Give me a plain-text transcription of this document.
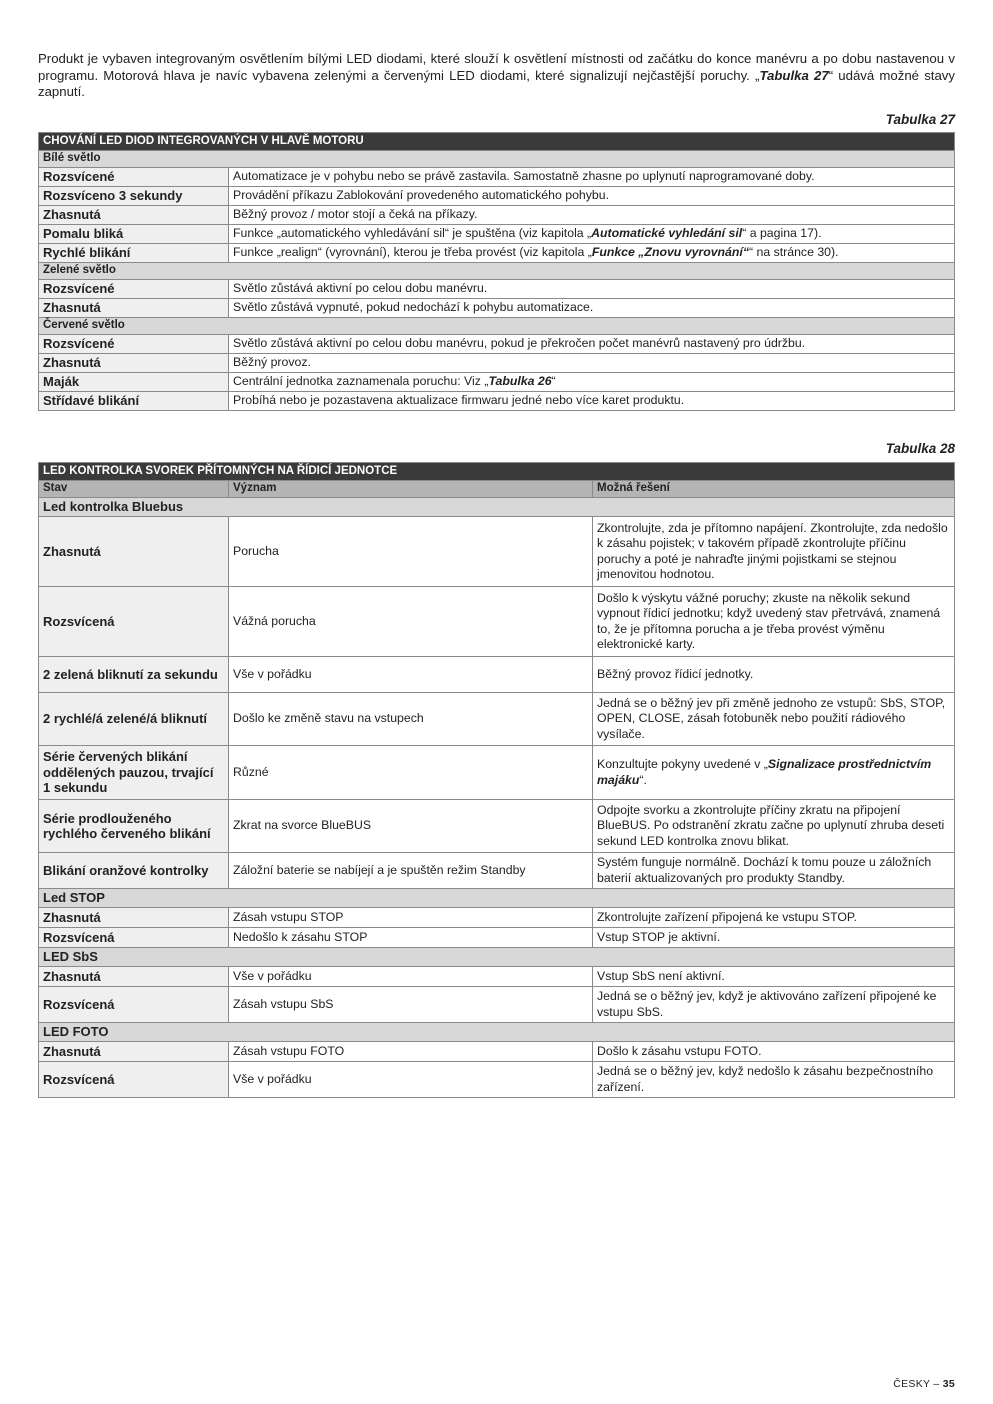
Produkt je vybaven integrovaným osvětlením bílými LED diodami, které slouží k osvětlení místnosti od začátku do konce manévru a po dobu nastavenou v programu. Motorová hlava je navíc vybavena zelenými a červenými LED diodami, které signalizují nejčastější poruchy. „Tabulka 27“ udává možné stavy zapnutí.

Tabulka 27
CHOVÁNÍ LED DIOD INTEGROVANÝCH V HLAVĚ MOTORU	
Bílé světlo	
Rozsvícené	Automatizace je v pohybu nebo se právě zastavila. Samostatně zhasne po uplynutí naprogramované doby.
Rozsvíceno 3 sekundy	Provádění příkazu Zablokování provedeného automatického pohybu.
Zhasnutá	Běžný provoz / motor stojí a čeká na příkazy.
Pomalu bliká	Funkce „automatického vyhledávání sil“ je spuštěna (viz kapitola „Automatické vyhledání sil“ a pagina 17).
Rychlé blikání	Funkce „realign“ (vyrovnání), kterou je třeba provést (viz kapitola „Funkce „Znovu vyrovnání““ na stránce 30).
Zelené světlo	
Rozsvícené	Světlo zůstává aktivní po celou dobu manévru.
Zhasnutá	Světlo zůstává vypnuté, pokud nedochází k pohybu automatizace.
Červené světlo	
Rozsvícené	Světlo zůstává aktivní po celou dobu manévru, pokud je překročen počet manévrů nastavený pro údržbu.
Zhasnutá	Běžný provoz.
Maják	Centrální jednotka zaznamenala poruchu: Viz „Tabulka 26“
Střídavé blikání	Probíhá nebo je pozastavena aktualizace firmwaru jedné nebo více karet produktu.
Tabulka 28
LED KONTROLKA SVOREK PŘÍTOMNÝCH NA ŘÍDICÍ JEDNOTCE		
Stav	Význam	Možná řešení
Led kontrolka Bluebus		
Zhasnutá	Porucha	Zkontrolujte, zda je přítomno napájení. Zkontrolujte, zda nedošlo k zásahu pojistek; v takovém případě zkontrolujte příčinu poruchy a poté je nahraďte jinými pojistkami se stejnou jmenovitou hodnotou.
Rozsvícená	Vážná porucha	Došlo k výskytu vážné poruchy; zkuste na několik sekund vypnout řídicí jednotku; když uvedený stav přetrvává, znamená to, že je přítomna porucha a je třeba provést výměnu elektronické karty.
2 zelená bliknutí za sekundu	Vše v pořádku	Běžný provoz řídicí jednotky.
2 rychlé/á zelené/á bliknutí	Došlo ke změně stavu na vstupech	Jedná se o běžný jev při změně jednoho ze vstupů: SbS, STOP, OPEN, CLOSE, zásah fotobuněk nebo použití rádiového vysílače.
Série červených blikání oddělených pauzou, trvající 1 sekundu	Různé	Konzultujte pokyny uvedené v „Signalizace prostřednictvím majáku“.
Série prodlouženého rychlého červeného blikání	Zkrat na svorce BlueBUS	Odpojte svorku a zkontrolujte příčiny zkratu na připojení BlueBUS. Po odstranění zkratu začne po uplynutí zhruba deseti sekund LED kontrolka znovu blikat.
Blikání oranžové kontrolky	Záložní baterie se nabíjejí a je spuštěn režim Standby	Systém funguje normálně. Dochází k tomu pouze u záložních baterií aktualizovaných pro produkty Standby.
Led STOP		
Zhasnutá	Zásah vstupu STOP	Zkontrolujte zařízení připojená ke vstupu STOP.
Rozsvícená	Nedošlo k zásahu STOP	Vstup STOP je aktivní.
LED SbS		
Zhasnutá	Vše v pořádku	Vstup SbS není aktivní.
Rozsvícená	Zásah vstupu SbS	Jedná se o běžný jev, když je aktivováno zařízení připojené ke vstupu SbS.
LED FOTO		
Zhasnutá	Zásah vstupu FOTO	Došlo k zásahu vstupu FOTO.
Rozsvícená	Vše v pořádku	Jedná se o běžný jev, když nedošlo k zásahu bezpečnostního zařízení.
ČESKY – 35
